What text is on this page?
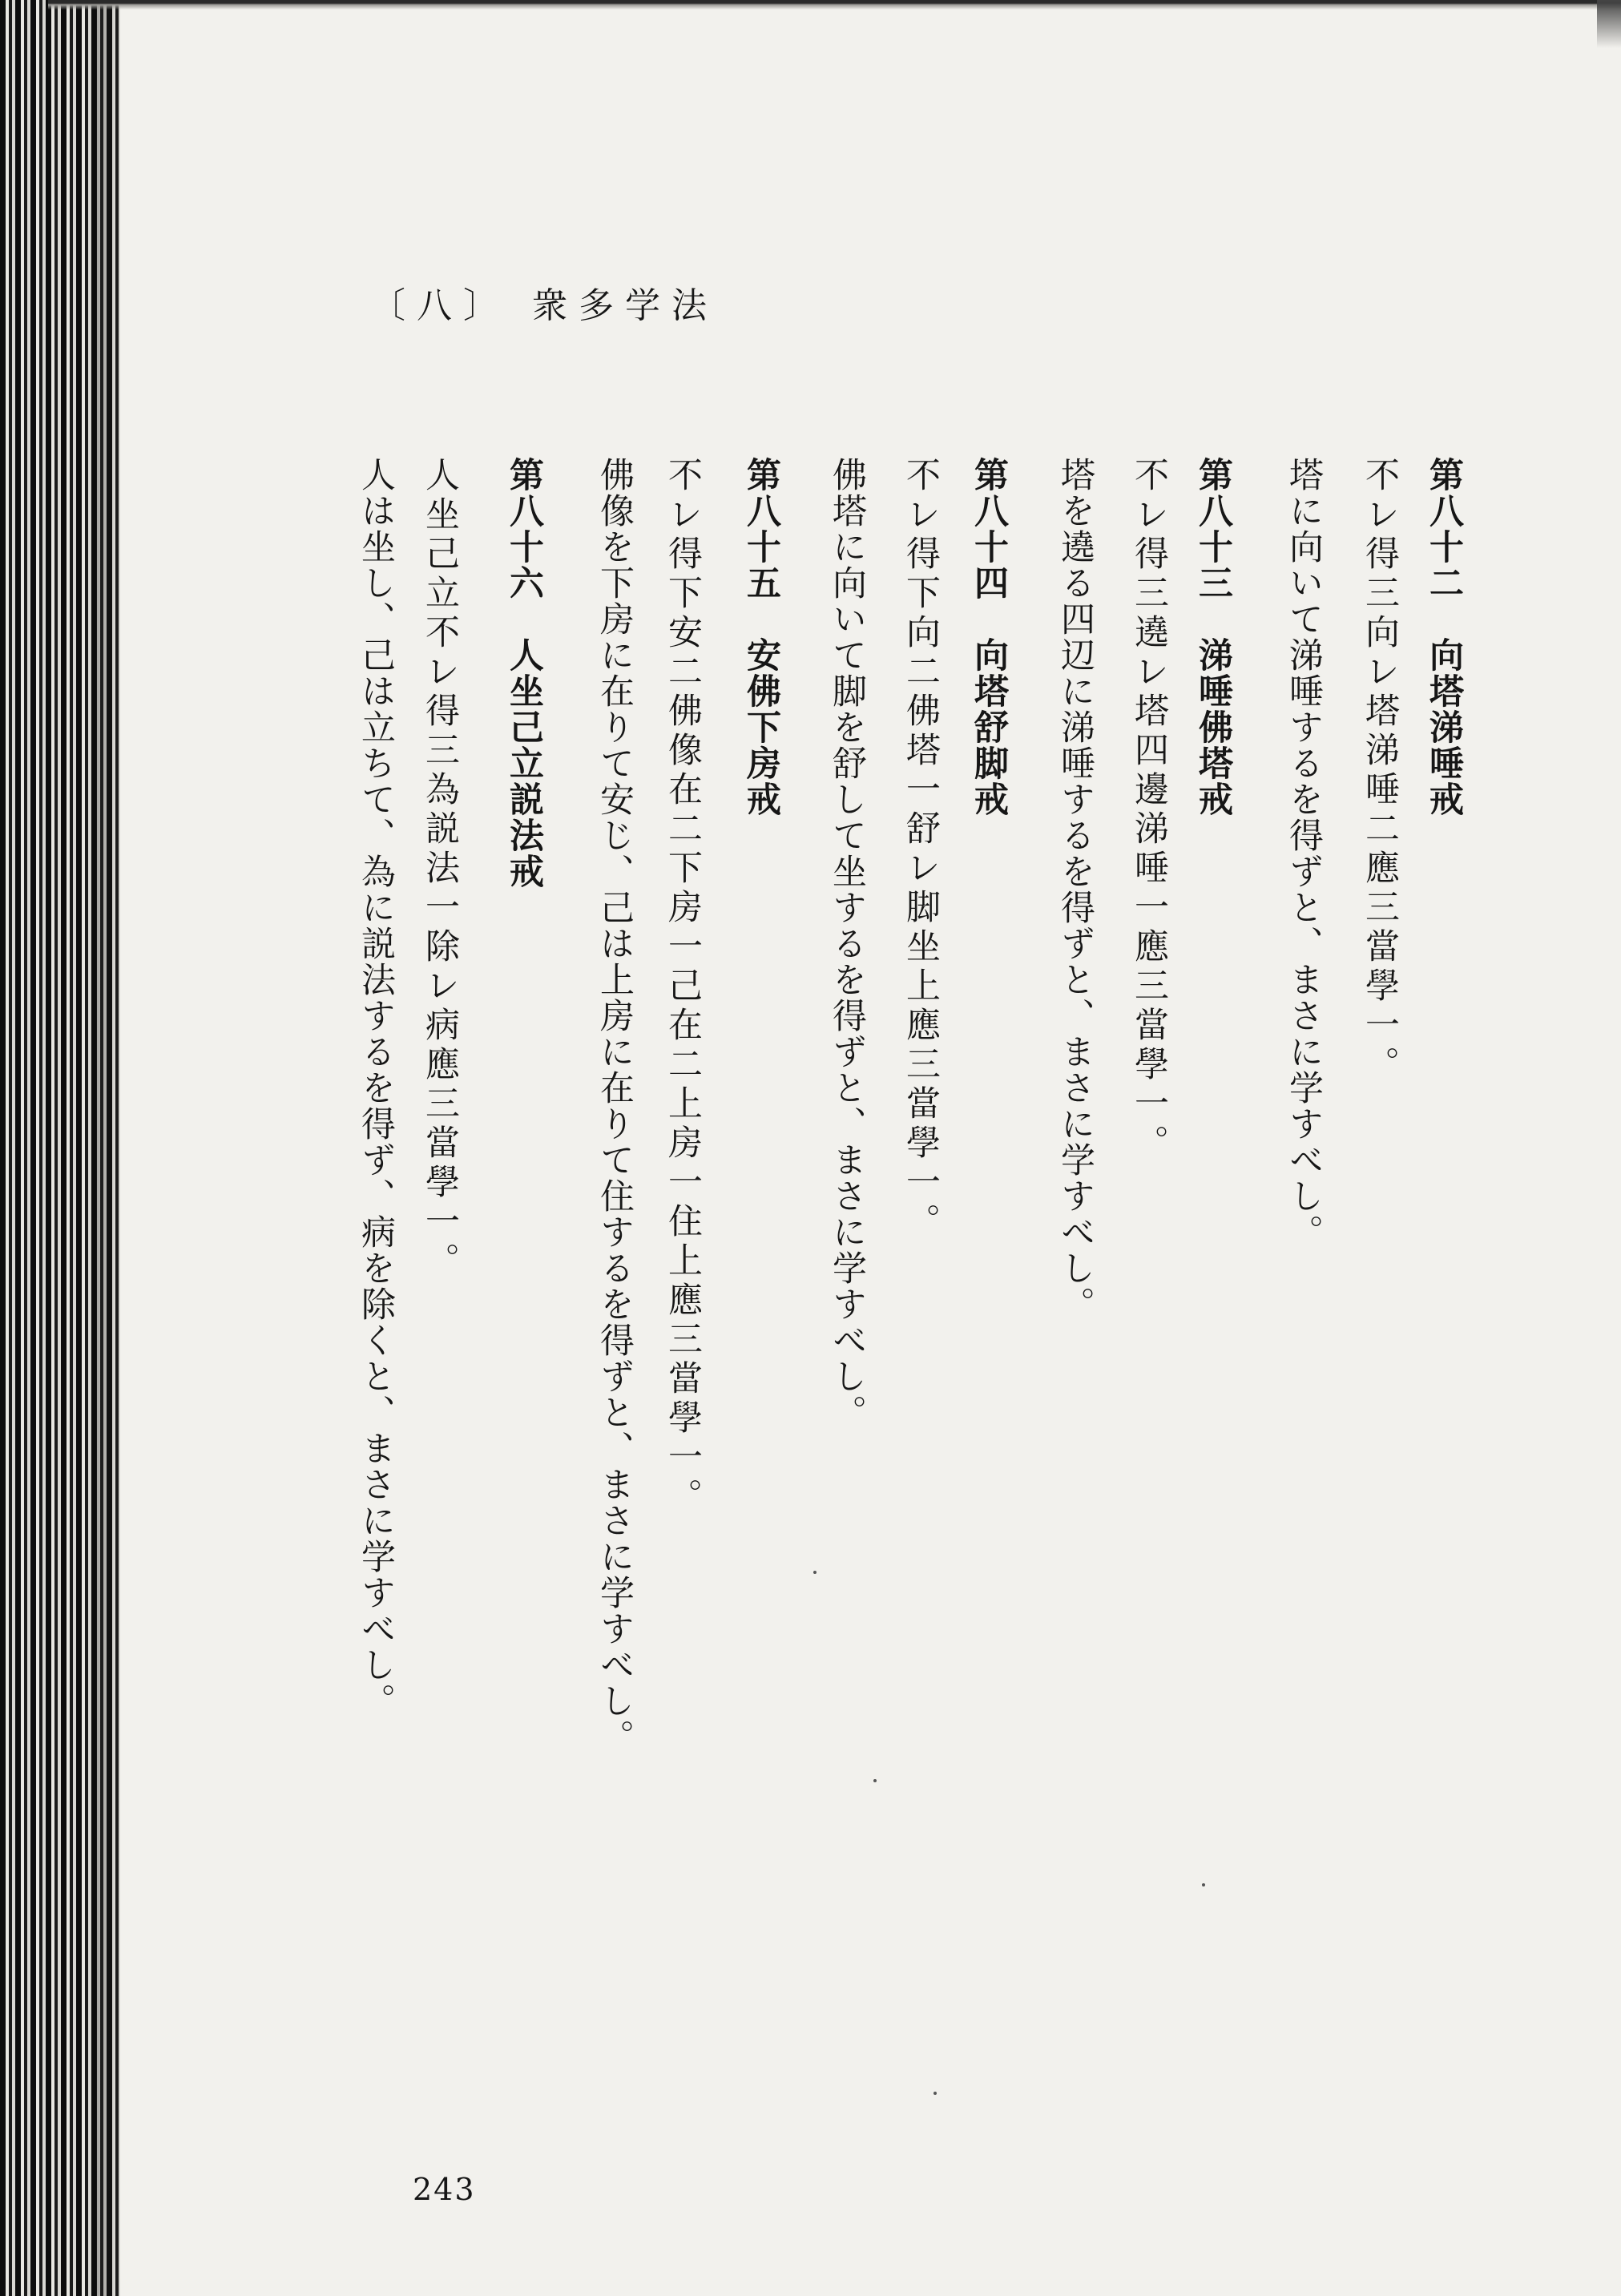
〔八〕 衆多学法
第八十二　向塔涕唾戒
不レ得三向レ塔涕唾二應三當學一。
塔に向いて涕唾するを得ずと、まさに学すべし。
第八十三　涕唾佛塔戒
不レ得三遶レ塔四邊涕唾一應三當學一。
塔を遶る四辺に涕唾するを得ずと、まさに学すべし。
第八十四　向塔舒脚戒
不レ得下向二佛塔一舒レ脚坐上應三當學一。
佛塔に向いて脚を舒して坐するを得ずと、まさに学すべし。
第八十五　安佛下房戒
不レ得下安二佛像在二下房一己在二上房一住上應三當學一。
佛像を下房に在りて安じ、己は上房に在りて住するを得ずと、まさに学すべし。
第八十六　人坐己立説法戒
人坐己立不レ得三為説法一除レ病應三當學一。
人は坐し、己は立ちて、為に説法するを得ず、病を除くと、まさに学すべし。
243
